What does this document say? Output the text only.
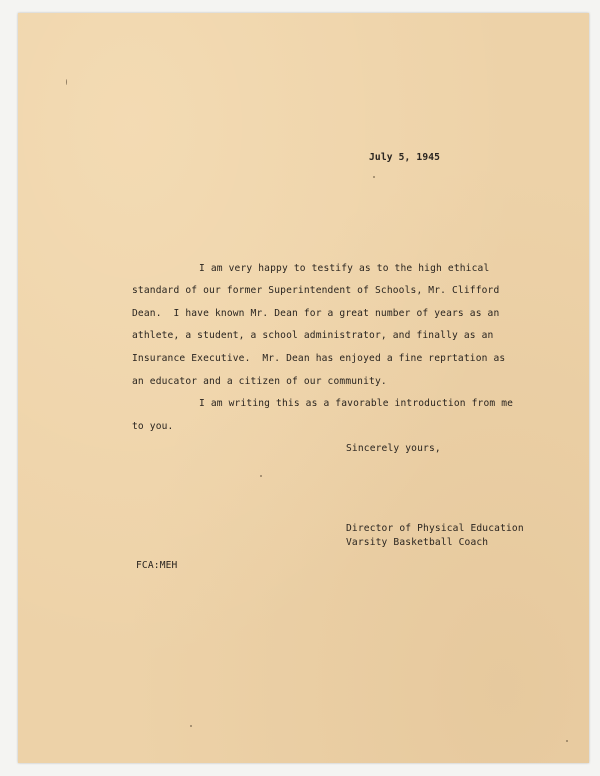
July 5, 1945
I am very happy to testify as to the high ethical
standard of our former Superintendent of Schools, Mr. Clifford
Dean.  I have known Mr. Dean for a great number of years as an
athlete, a student, a school administrator, and finally as an
Insurance Executive.  Mr. Dean has enjoyed a fine reprtation as
an educator and a citizen of our community.
I am writing this as a favorable introduction from me
to you.
Sincerely yours,
Director of Physical Education
Varsity Basketball Coach
FCA:MEH
